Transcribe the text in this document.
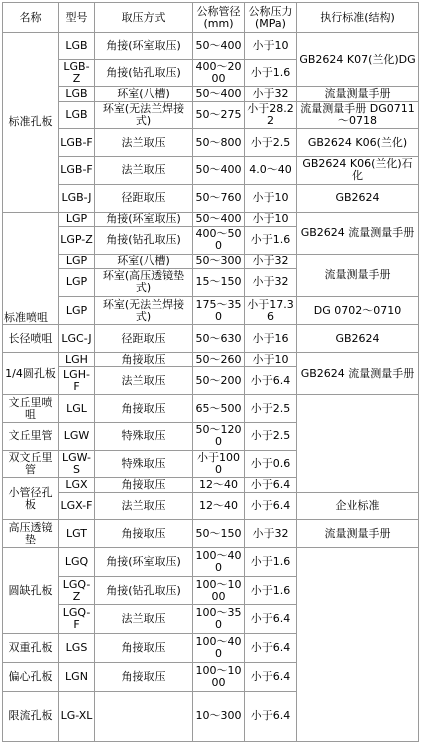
名称	型号	取压方式	公称管径 (mm)	公称压力 (MPa)	执行标准(结构)	
标准孔板	LGB	角接(环室取压)	50～400	小于10	GB2624 K07(兰化)DG	
	LGB-Z	角接(钻孔取压)	400～2000	小于1.6		
	LGB	环室(八槽)	50～400	小于32	流量测量手册	
	LGB	环室(无法兰焊接式)	50～275	小于28.22	流量测量手册 DG0711～0718	
	LGB-F	法兰取压	50～800	小于2.5	GB2624 K06(兰化)	
	LGB-F	法兰取压	50～400	4.0～40	GB2624 K06(兰化)石化	
	LGB-J	径距取压	50～760	小于10	GB2624	
标准喷咀	LGP	角接(环室取压)	50～400	小于10	GB2624 流量测量手册	
	LGP-Z	角接(钻孔取压)	400～500	小于1.6		
	LGP	环室(八槽)	50～300	小于32	流量测量手册	
	LGP	环室(高压透镜垫式)	15～150	小于32		
	LGP	环室(无法兰焊接式)	175～350	小于17.36	DG 0702～0710	
长径喷咀	LGC-J	径距取压	50～630	小于16	GB2624	
1/4圆孔板	LGH	角接取压	50～260	小于10	GB2624 流量测量手册	
	LGH-F	法兰取压	50～200	小于6.4		
文丘里喷咀	LGL	角接取压	65～500	小于2.5		
文丘里管	LGW	特殊取压	50～1200	小于2.5		
双文丘里管	LGW-S	特殊取压	小于1000	小于0.6		
小管径孔板	LGX	角接取压	12～40	小于6.4		
	LGX-F	法兰取压	12～40	小于6.4	企业标准	
高压透镜垫	LGT	角接取压	50～150	小于32	流量测量手册	
圆缺孔板	LGQ	角接(环室取压)	100～400	小于1.6		
	LGQ-Z	角接(钻孔取压)	100～1000	小于1.6		
	LGQ-F	法兰取压	100～350	小于6.4		
双重孔板	LGS	角接取压	100～400	小于6.4		
偏心孔板	LGN	角接取压	100～1000	小于6.4		
限流孔板	LG-XL		10～300	小于6.4	
